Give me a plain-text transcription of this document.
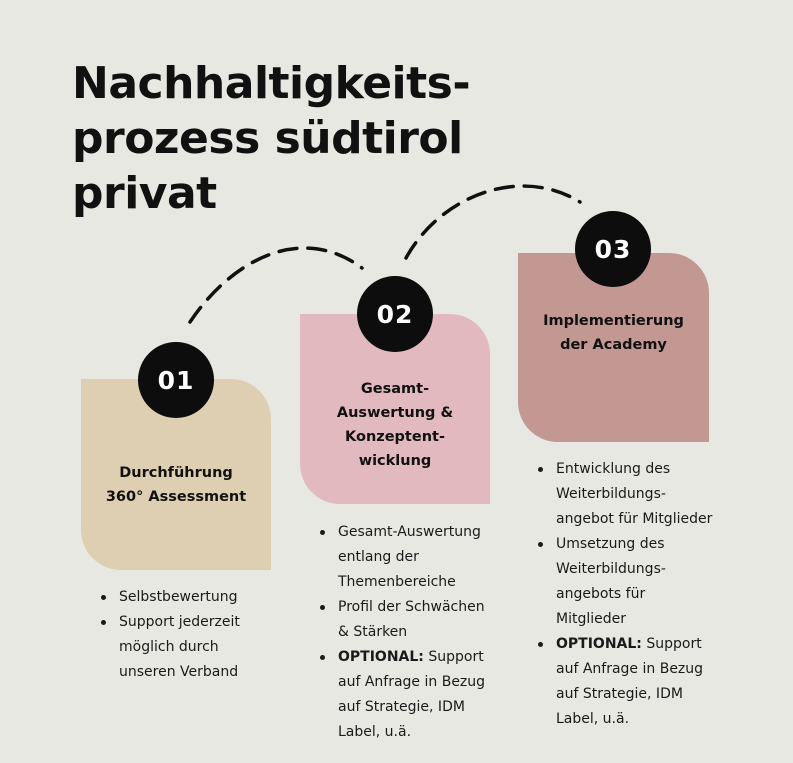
Nachhaltigkeits-
prozess südtirol
privat
Durchführung
360° Assessment
01
Selbstbewertung
Support jederzeit
möglich durch
unseren Verband
Gesamt-
Auswertung &
Konzeptent-
wicklung
02
Gesamt-Auswertung
entlang der
Themenbereiche
Profil der Schwächen
& Stärken
OPTIONAL: Support
auf Anfrage in Bezug
auf Strategie, IDM
Label, u.ä.
Implementierung
der Academy
03
Entwicklung des
Weiterbildungs-
angebot für Mitglieder
Umsetzung des
Weiterbildungs-
angebots für
Mitglieder
OPTIONAL: Support
auf Anfrage in Bezug
auf Strategie, IDM
Label, u.ä.
